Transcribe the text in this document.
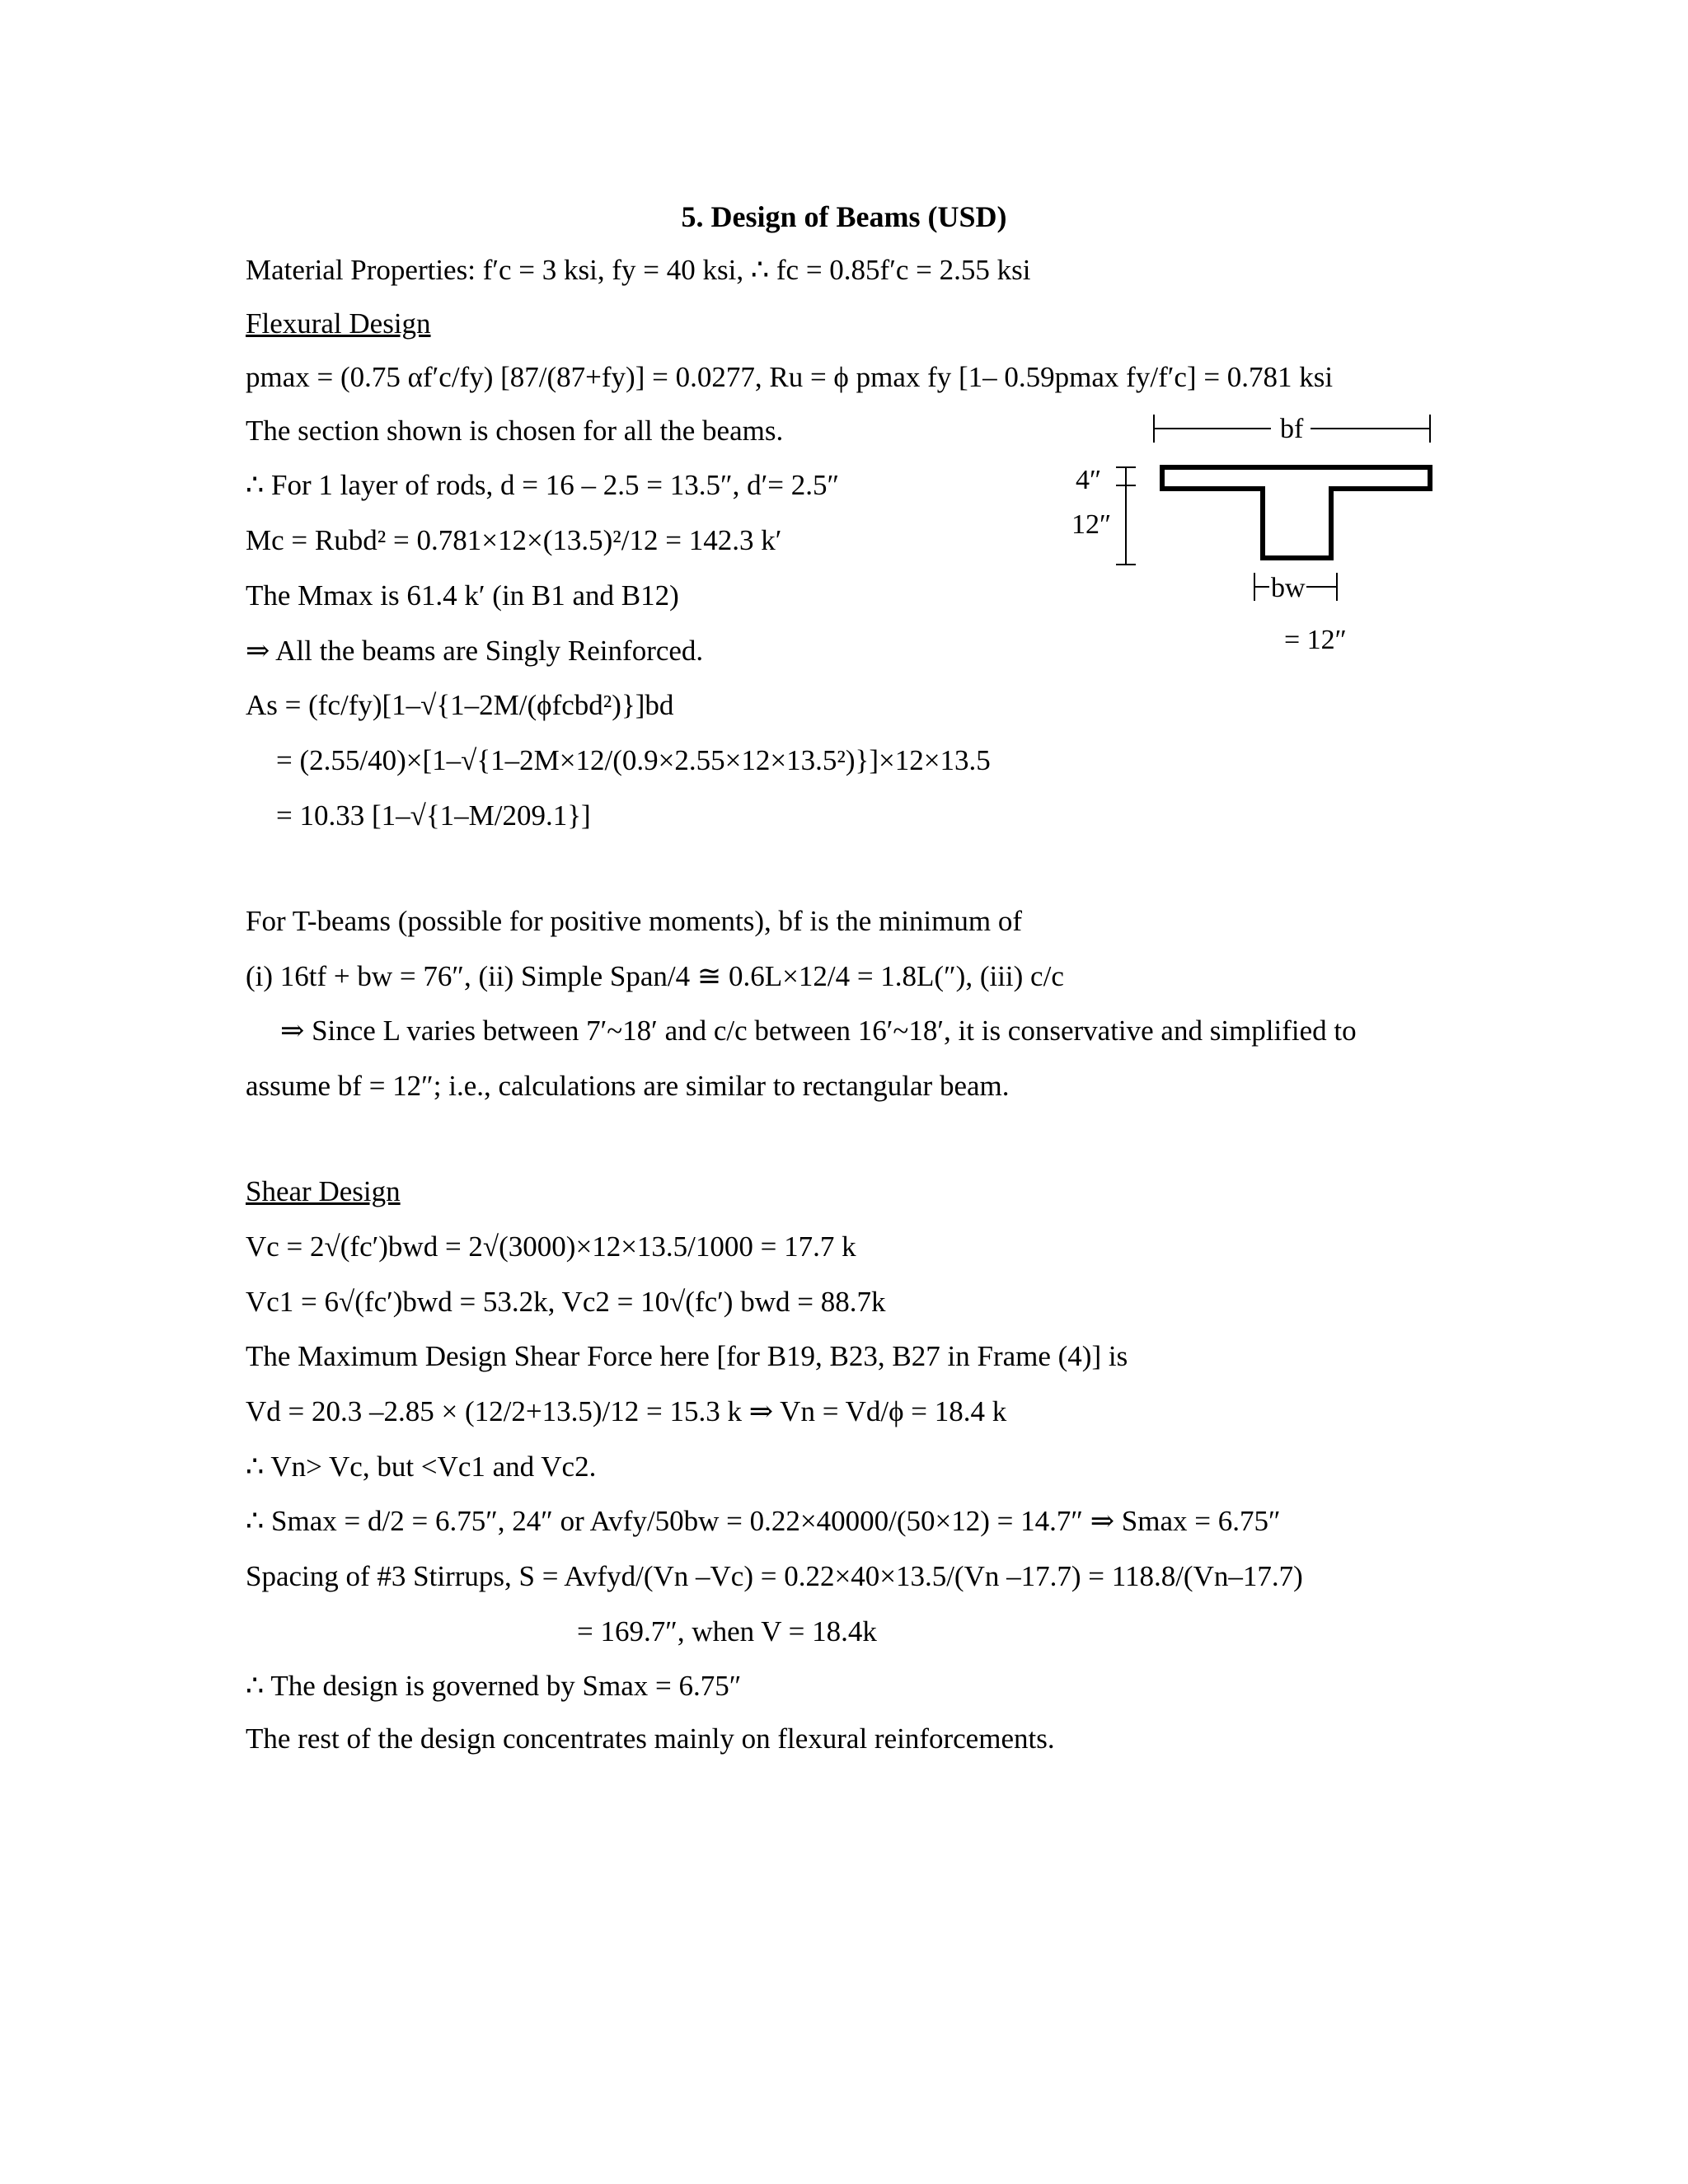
5. Design of Beams (USD)
Material Properties: f′c = 3 ksi, fy = 40 ksi, ∴ fc = 0.85f′c = 2.55 ksi
Flexural Design
pmax = (0.75 αf′c/fy) [87/(87+fy)] = 0.0277, Ru = ϕ pmax fy [1– 0.59pmax fy/f′c] = 0.781 ksi
The section shown is chosen for all the beams.
∴ For 1 layer of rods, d = 16 – 2.5 = 13.5″, d′= 2.5″
Mc = Rubd² = 0.781×12×(13.5)²/12 = 142.3 k′
The Mmax is 61.4 k′ (in B1 and B12)
⇒ All the beams are Singly Reinforced.
As = (fc/fy)[1–√{1–2M/(ϕfcbd²)}]bd
= (2.55/40)×[1–√{1–2M×12/(0.9×2.55×12×13.5²)}]×12×13.5
= 10.33 [1–√{1–M/209.1}]
For T-beams (possible for positive moments), bf is the minimum of
(i) 16tf + bw = 76″, (ii) Simple Span/4 ≅ 0.6L×12/4 = 1.8L(″), (iii) c/c
⇒ Since L varies between 7′~18′ and c/c between 16′~18′, it is conservative and simplified to
assume bf = 12″; i.e., calculations are similar to rectangular beam.
Shear Design
Vc = 2√(fc′)bwd = 2√(3000)×12×13.5/1000 = 17.7 k
Vc1 = 6√(fc′)bwd = 53.2k, Vc2 = 10√(fc′) bwd = 88.7k
The Maximum Design Shear Force here [for B19, B23, B27 in Frame (4)] is
Vd = 20.3 –2.85 × (12/2+13.5)/12 = 15.3 k ⇒ Vn = Vd/ϕ = 18.4 k
∴ Vn> Vc, but <Vc1 and Vc2.
∴ Smax = d/2 = 6.75″, 24″ or Avfy/50bw = 0.22×40000/(50×12) = 14.7″ ⇒ Smax = 6.75″
Spacing of #3 Stirrups, S = Avfyd/(Vn –Vc) = 0.22×40×13.5/(Vn –17.7) = 118.8/(Vn–17.7)
= 169.7″, when V = 18.4k
∴ The design is governed by Smax = 6.75″
The rest of the design concentrates mainly on flexural reinforcements.
bf
4″
12″
bw
= 12″
